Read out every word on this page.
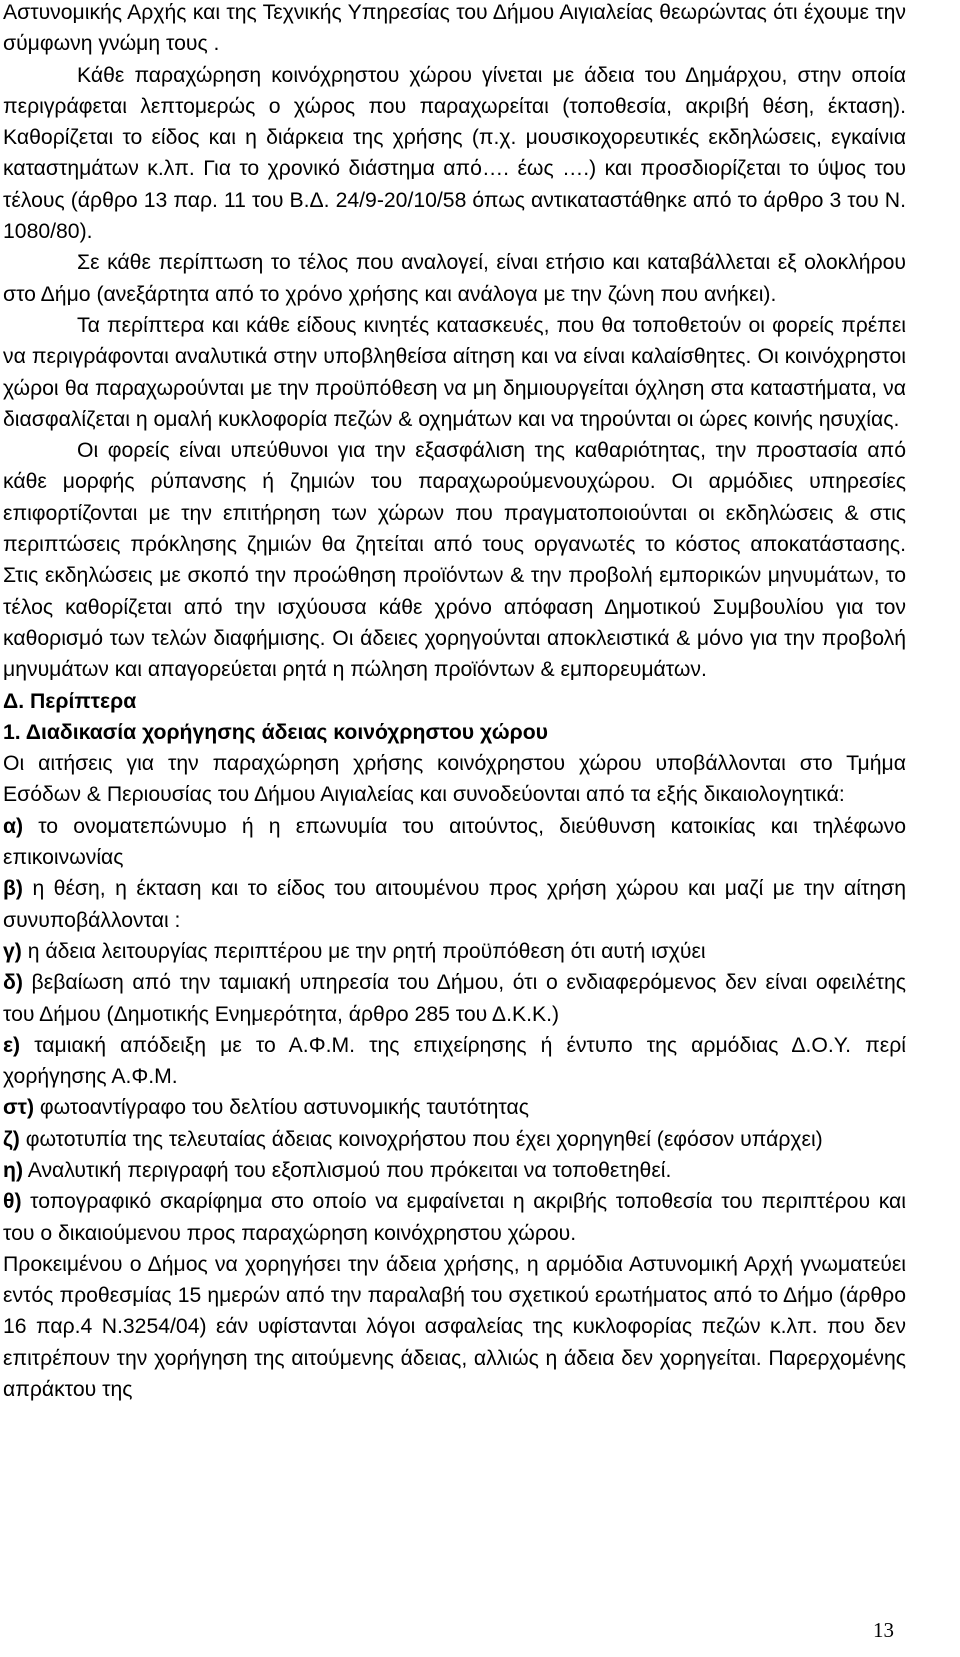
Αστυνομικής Αρχής και της Τεχνικής Υπηρεσίας του Δήμου Αιγιαλείας θεωρώντας ότι έχουμε την σύμφωνη γνώμη τους .

Κάθε παραχώρηση κοινόχρηστου χώρου γίνεται με άδεια του Δημάρχου, στην οποία περιγράφεται λεπτομερώς ο χώρος που παραχωρείται (τοποθεσία, ακριβή θέση, έκταση). Καθορίζεται το είδος και η διάρκεια της χρήσης (π.χ. μουσικοχορευτικές εκδηλώσεις, εγκαίνια καταστημάτων κ.λπ. Για το χρονικό διάστημα από…. έως ….) και προσδιορίζεται το ύψος του τέλους (άρθρο 13 παρ. 11 του Β.Δ. 24/9-20/10/58 όπως αντικαταστάθηκε από το άρθρο 3 του Ν. 1080/80).

Σε κάθε περίπτωση το τέλος που αναλογεί, είναι ετήσιο και καταβάλλεται εξ ολοκλήρου στο Δήμο (ανεξάρτητα από το χρόνο χρήσης και ανάλογα με την ζώνη που ανήκει).

Τα περίπτερα και κάθε είδους κινητές κατασκευές, που θα τοποθετούν οι φορείς πρέπει να περιγράφονται αναλυτικά στην υποβληθείσα αίτηση και να είναι καλαίσθητες. Οι κοινόχρηστοι χώροι θα παραχωρούνται με την προϋπόθεση να μη δημιουργείται όχληση στα καταστήματα, να διασφαλίζεται η ομαλή κυκλοφορία πεζών & οχημάτων και να τηρούνται οι ώρες κοινής ησυχίας.

Οι φορείς είναι υπεύθυνοι για την εξασφάλιση της καθαριότητας, την προστασία από κάθε μορφής ρύπανσης ή ζημιών του παραχωρούμενουχώρου. Οι αρμόδιες υπηρεσίες επιφορτίζονται με την επιτήρηση των χώρων που πραγματοποιούνται οι εκδηλώσεις & στις περιπτώσεις πρόκλησης ζημιών θα ζητείται από τους οργανωτές το κόστος αποκατάστασης. Στις εκδηλώσεις με σκοπό την προώθηση προϊόντων & την προβολή εμπορικών μηνυμάτων, το τέλος καθορίζεται από την ισχύουσα κάθε χρόνο απόφαση Δημοτικού Συμβουλίου για τον καθορισμό των τελών διαφήμισης. Οι άδειες χορηγούνται αποκλειστικά & μόνο για την προβολή μηνυμάτων και απαγορεύεται ρητά η πώληση προϊόντων & εμπορευμάτων.

Δ. Περίπτερα

1. Διαδικασία χορήγησης άδειας κοινόχρηστου χώρου

Οι αιτήσεις για την παραχώρηση χρήσης κοινόχρηστου χώρου υποβάλλονται στο Τμήμα Εσόδων & Περιουσίας του Δήμου Αιγιαλείας και συνοδεύονται από τα εξής δικαιολογητικά:

α) το ονοματεπώνυμο ή η επωνυμία του αιτούντος, διεύθυνση κατοικίας και τηλέφωνο επικοινωνίας

β) η θέση, η έκταση και το είδος του αιτουμένου προς χρήση χώρου και μαζί με την αίτηση συνυποβάλλονται :

γ) η άδεια λειτουργίας περιπτέρου με την ρητή προϋπόθεση ότι αυτή ισχύει

δ) βεβαίωση από την ταμιακή υπηρεσία του Δήμου, ότι ο ενδιαφερόμενος δεν είναι οφειλέτης του Δήμου (Δημοτικής Ενημερότητα, άρθρο 285 του Δ.Κ.Κ.)

ε) ταμιακή απόδειξη με το Α.Φ.Μ. της επιχείρησης ή έντυπο της αρμόδιας Δ.Ο.Υ. περί χορήγησης Α.Φ.Μ.

στ) φωτοαντίγραφο του δελτίου αστυνομικής ταυτότητας

ζ) φωτοτυπία της τελευταίας άδειας κοινοχρήστου που έχει χορηγηθεί (εφόσον υπάρχει)

η) Αναλυτική περιγραφή του εξοπλισμού που πρόκειται να τοποθετηθεί.

θ) τοπογραφικό σκαρίφημα στο οποίο να εμφαίνεται η ακριβής τοποθεσία του περιπτέρου και του ο δικαιούμενου προς παραχώρηση κοινόχρηστου χώρου.

Προκειμένου ο Δήμος να χορηγήσει την άδεια χρήσης, η αρμόδια Αστυνομική Αρχή γνωματεύει εντός προθεσμίας 15 ημερών από την παραλαβή του σχετικού ερωτήματος από το Δήμο (άρθρο 16 παρ.4 Ν.3254/04) εάν υφίστανται λόγοι ασφαλείας της κυκλοφορίας πεζών κ.λπ. που δεν επιτρέπουν την χορήγηση της αιτούμενης άδειας, αλλιώς η άδεια δεν χορηγείται. Παρερχομένης απράκτου της

13
